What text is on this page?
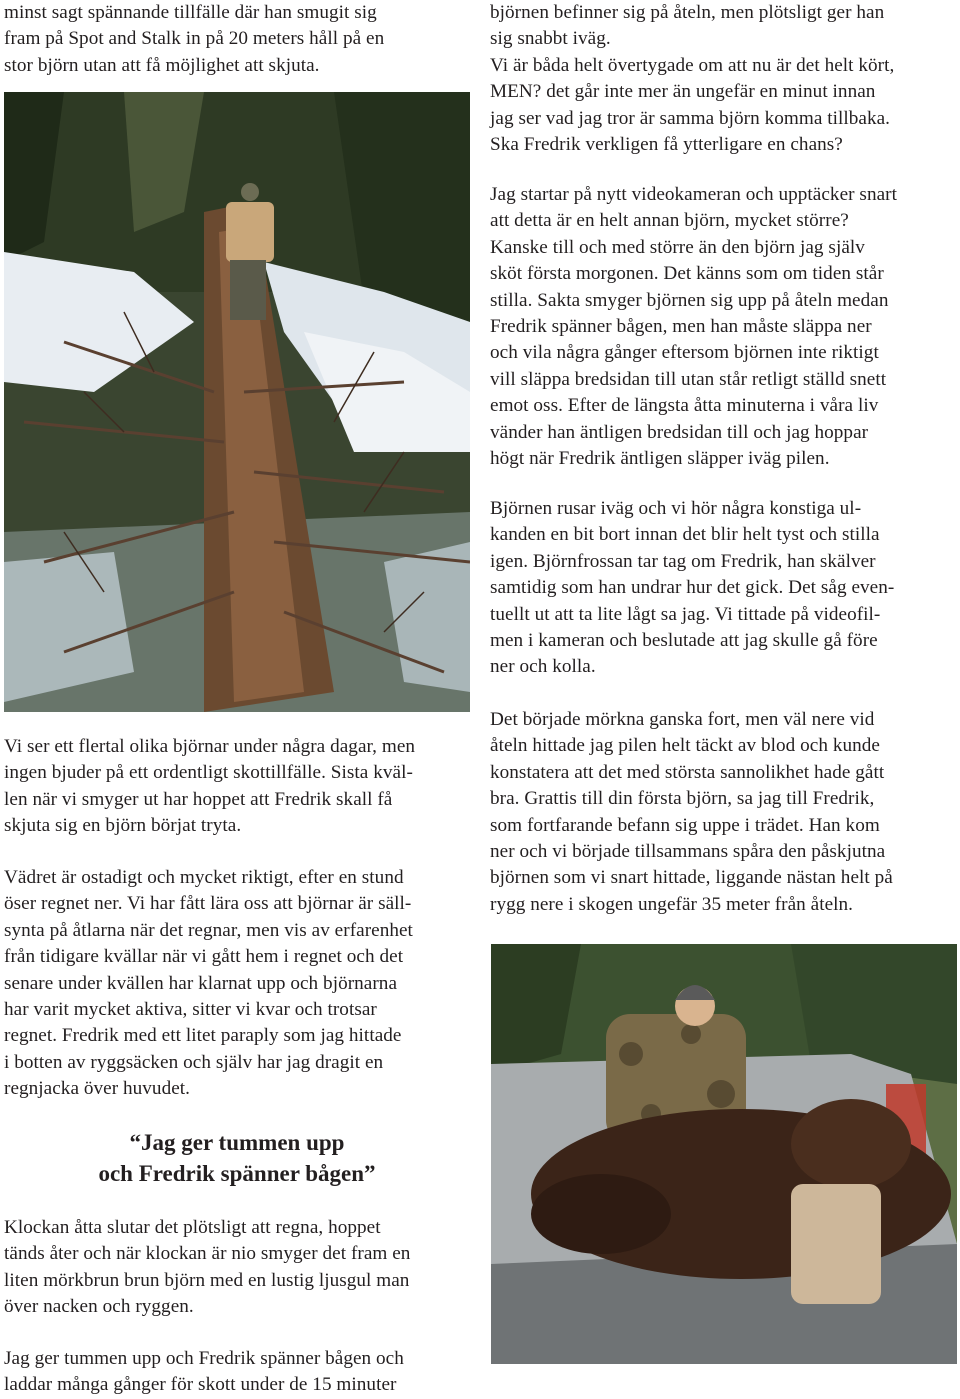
minst sagt spännande tillfälle där han smugit sig
fram på Spot and Stalk in på 20 meters håll på en
stor björn utan att få möjlighet att skjuta.
Vi ser ett flertal olika björnar under några dagar, men
ingen bjuder på ett ordentligt skottillfälle. Sista kväl-
len när vi smyger ut har hoppet att Fredrik skall få
skjuta sig en björn börjat tryta.
Vädret är ostadigt och mycket riktigt, efter en stund
öser regnet ner. Vi har fått lära oss att björnar är säll-
synta på åtlarna när det regnar, men vis av erfarenhet
från tidigare kvällar när vi gått hem i regnet och det
senare under kvällen har klarnat upp och björnarna
har varit mycket aktiva, sitter vi kvar och trotsar
regnet. Fredrik med ett litet paraply som jag hittade
i botten av ryggsäcken och själv har jag dragit en
regnjacka över huvudet.
“Jag ger tummen upp
och Fredrik spänner bågen”
Klockan åtta slutar det plötsligt att regna, hoppet
tänds åter och när klockan är nio smyger det fram en
liten mörkbrun brun björn med en lustig ljusgul man
över nacken och ryggen.
Jag ger tummen upp och Fredrik spänner bågen och
laddar många gånger för skott under de 15 minuter
björnen befinner sig på åteln, men plötsligt ger han
sig snabbt iväg.
Vi är båda helt övertygade om att nu är det helt kört,
MEN? det går inte mer än ungefär en minut innan
jag ser vad jag tror är samma björn komma tillbaka.
Ska Fredrik verkligen få ytterligare en chans?
Jag startar på nytt videokameran och upptäcker snart
att detta är en helt annan björn, mycket större?
Kanske till och med större än den björn jag själv
sköt första morgonen. Det känns som om tiden står
stilla. Sakta smyger björnen sig upp på åteln medan
Fredrik spänner bågen, men han måste släppa ner
och vila några gånger eftersom björnen inte riktigt
vill släppa bredsidan till utan står retligt ställd snett
emot oss. Efter de längsta åtta minuterna i våra liv
vänder han äntligen bredsidan till och jag hoppar
högt när Fredrik äntligen släpper iväg pilen.
Björnen rusar iväg och vi hör några konstiga ul-
kanden en bit bort innan det blir helt tyst och stilla
igen. Björnfrossan tar tag om Fredrik, han skälver
samtidig som han undrar hur det gick. Det såg even-
tuellt ut att ta lite lågt sa jag. Vi tittade på videofil-
men i kameran och beslutade att jag skulle gå före
ner och kolla.
Det började mörkna ganska fort, men väl nere vid
åteln hittade jag pilen helt täckt av blod och kunde
konstatera att det med största sannolikhet hade gått
bra. Grattis till din första björn, sa jag till Fredrik,
som fortfarande befann sig uppe i trädet. Han kom
ner och vi började tillsammans spåra den påskjutna
björnen som vi snart hittade, liggande nästan helt på
rygg nere i skogen ungefär 35 meter från åteln.
